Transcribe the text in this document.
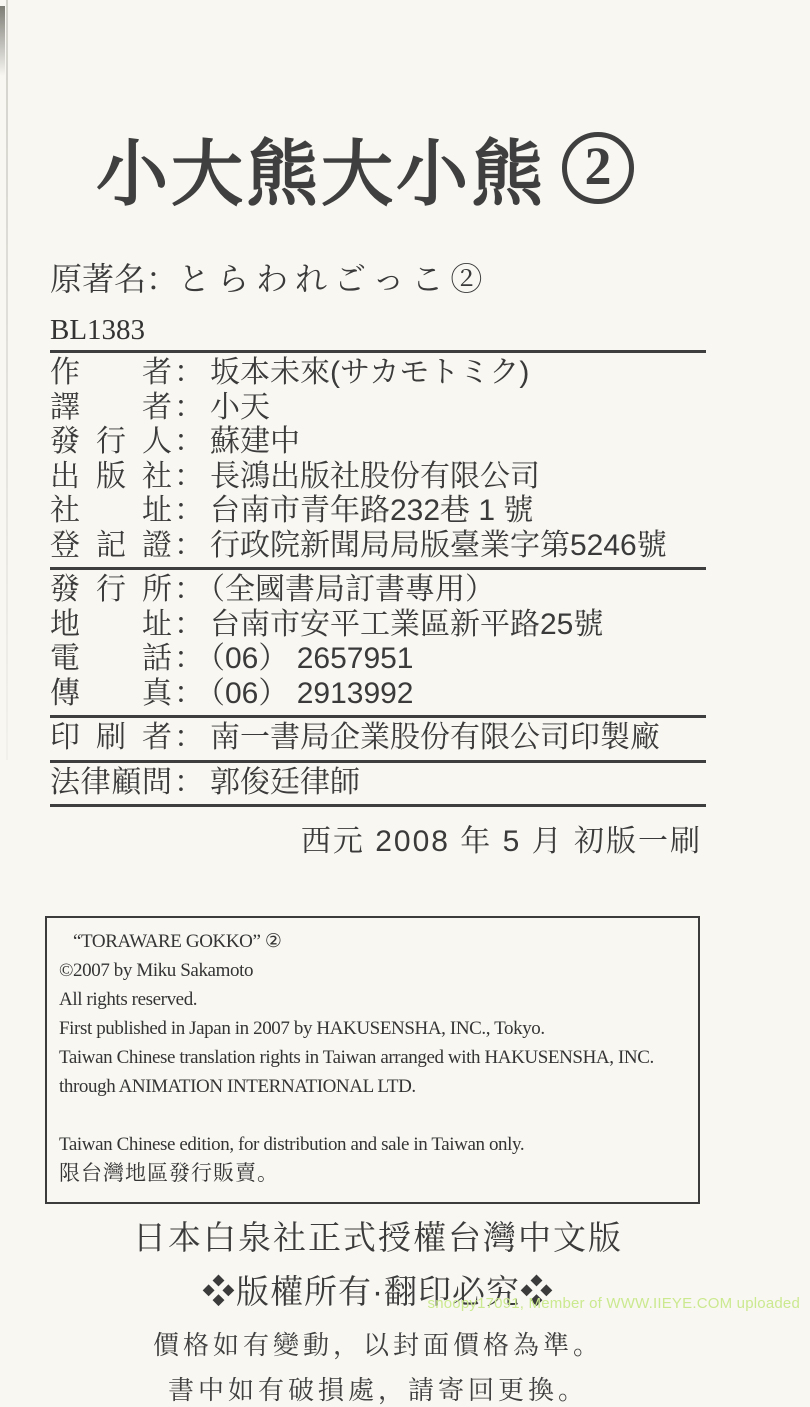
小大熊大小熊 2
原著名：とらわれごっこ②
BL1383
作者： 坂本未來(サカモトミク)
譯者： 小天
發行人： 蘇建中
出版社： 長鴻出版社股份有限公司
社址： 台南市青年路232巷 1 號
登記證： 行政院新聞局局版臺業字第5246號
發行所： （全國書局訂書專用）
地址： 台南市安平工業區新平路25號
電話： （06） 2657951
傳真： （06） 2913992
印刷者： 南一書局企業股份有限公司印製廠
法律顧問： 郭俊廷律師
西元 2008 年 5 月 初版一刷
“TORAWARE GOKKO” ②
©2007 by Miku Sakamoto
All rights reserved.
First published in Japan in 2007 by HAKUSENSHA, INC., Tokyo.
Taiwan Chinese translation rights in Taiwan arranged with HAKUSENSHA, INC.
through ANIMATION INTERNATIONAL LTD.
Taiwan Chinese edition, for distribution and sale in Taiwan only.
限台灣地區發行販賣。
日本白泉社正式授權台灣中文版
❖版權所有·翻印必究❖
價格如有變動，以封面價格為準。
書中如有破損處，請寄回更換。
snoopy17091, Member of WWW.IIEYE.COM uploaded
